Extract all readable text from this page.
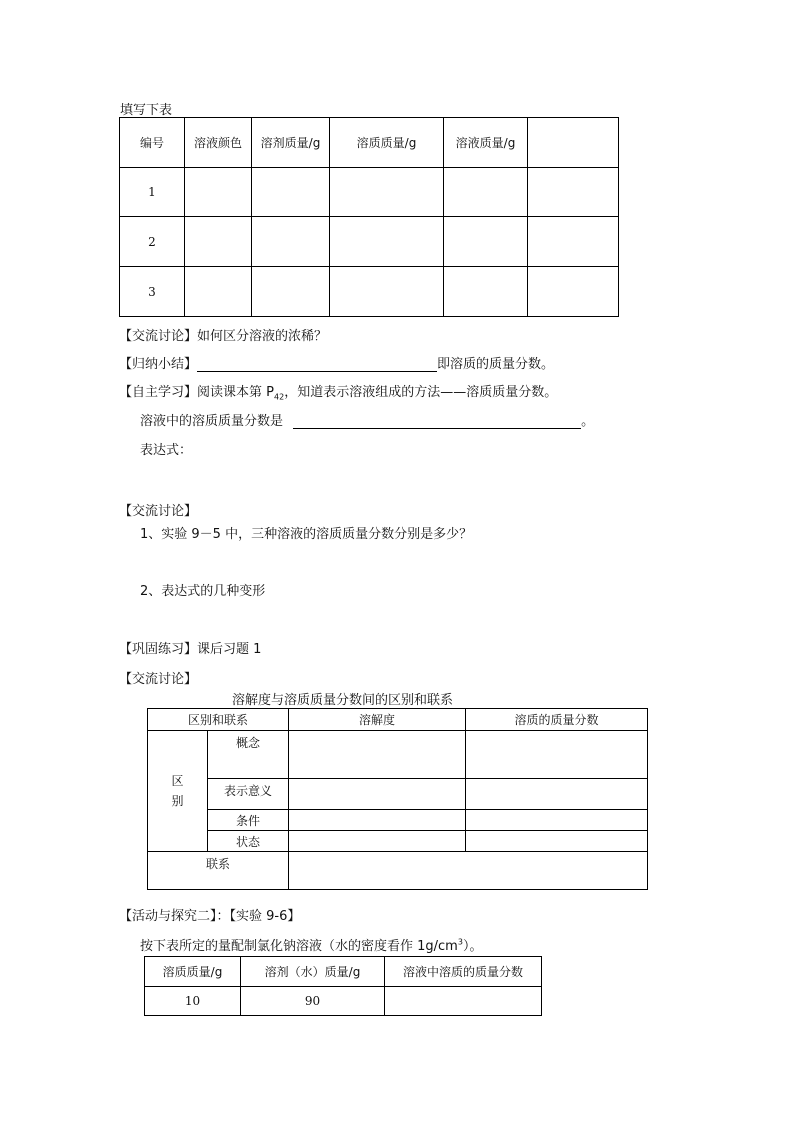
填写下表
编号	溶液颜色	溶剂质量/g	溶质质量/g	溶液质量/g	
1					
2					
3					
【交流讨论】如何区分溶液的浓稀？
【归纳小结】	即溶质的质量分数。
【自主学习】阅读课本第 $P_{42}$，知道表示溶液组成的方法——溶质质量分数。
溶液中的溶质质量分数是	。
表达式：
【交流讨论】
1、实验 9－5 中，三种溶液的溶质质量分数分别是多少？
2、表达式的几种变形
【巩固练习】课后习题 1
【交流讨论】
溶解度与溶质质量分数间的区别和联系
区别和联系		溶解度	溶质的质量分数
区
别	概念		
	表示意义		
	条件		
	状态		
联系			
【活动与探究二】：【实验 9-6】
按下表所定的量配制氯化钠溶液（水的密度看作 $1g/cm^3$）。
溶质质量/g	溶剂（水）质量/g	溶液中溶质的质量分数
10	90	
